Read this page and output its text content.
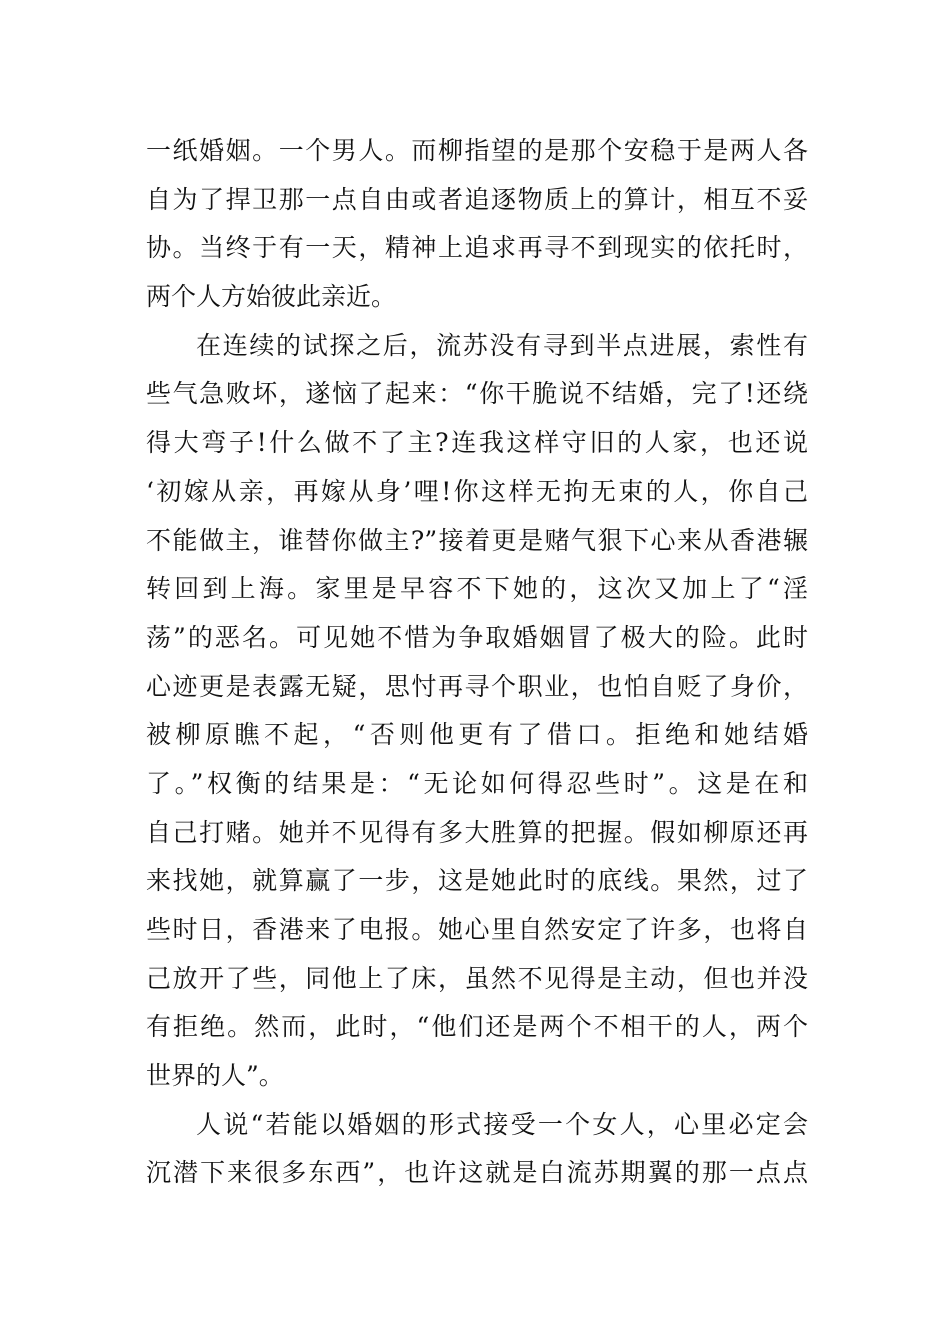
一纸婚姻。一个男人。而柳指望的是那个安稳于是两人各
自为了捍卫那一点自由或者追逐物质上的算计，相互不妥
协。当终于有一天，精神上追求再寻不到现实的依托时，
两个人方始彼此亲近。
在连续的试探之后，流苏没有寻到半点进展，索性有
些气急败坏，遂恼了起来：“你干脆说不结婚，完了!还绕
得大弯子!什么做不了主?连我这样守旧的人家，也还说
‘初嫁从亲，再嫁从身’哩!你这样无拘无束的人，你自己
不能做主，谁替你做主?”接着更是赌气狠下心来从香港辗
转回到上海。家里是早容不下她的，这次又加上了“淫
荡”的恶名。可见她不惜为争取婚姻冒了极大的险。此时
心迹更是表露无疑，思忖再寻个职业，也怕自贬了身价，
被柳原瞧不起，“否则他更有了借口。拒绝和她结婚
了。”权衡的结果是：“无论如何得忍些时”。这是在和
自己打赌。她并不见得有多大胜算的把握。假如柳原还再
来找她，就算赢了一步，这是她此时的底线。果然，过了
些时日，香港来了电报。她心里自然安定了许多，也将自
己放开了些，同他上了床，虽然不见得是主动，但也并没
有拒绝。然而，此时，“他们还是两个不相干的人，两个
世界的人”。
人说“若能以婚姻的形式接受一个女人，心里必定会
沉潜下来很多东西”，也许这就是白流苏期翼的那一点点
